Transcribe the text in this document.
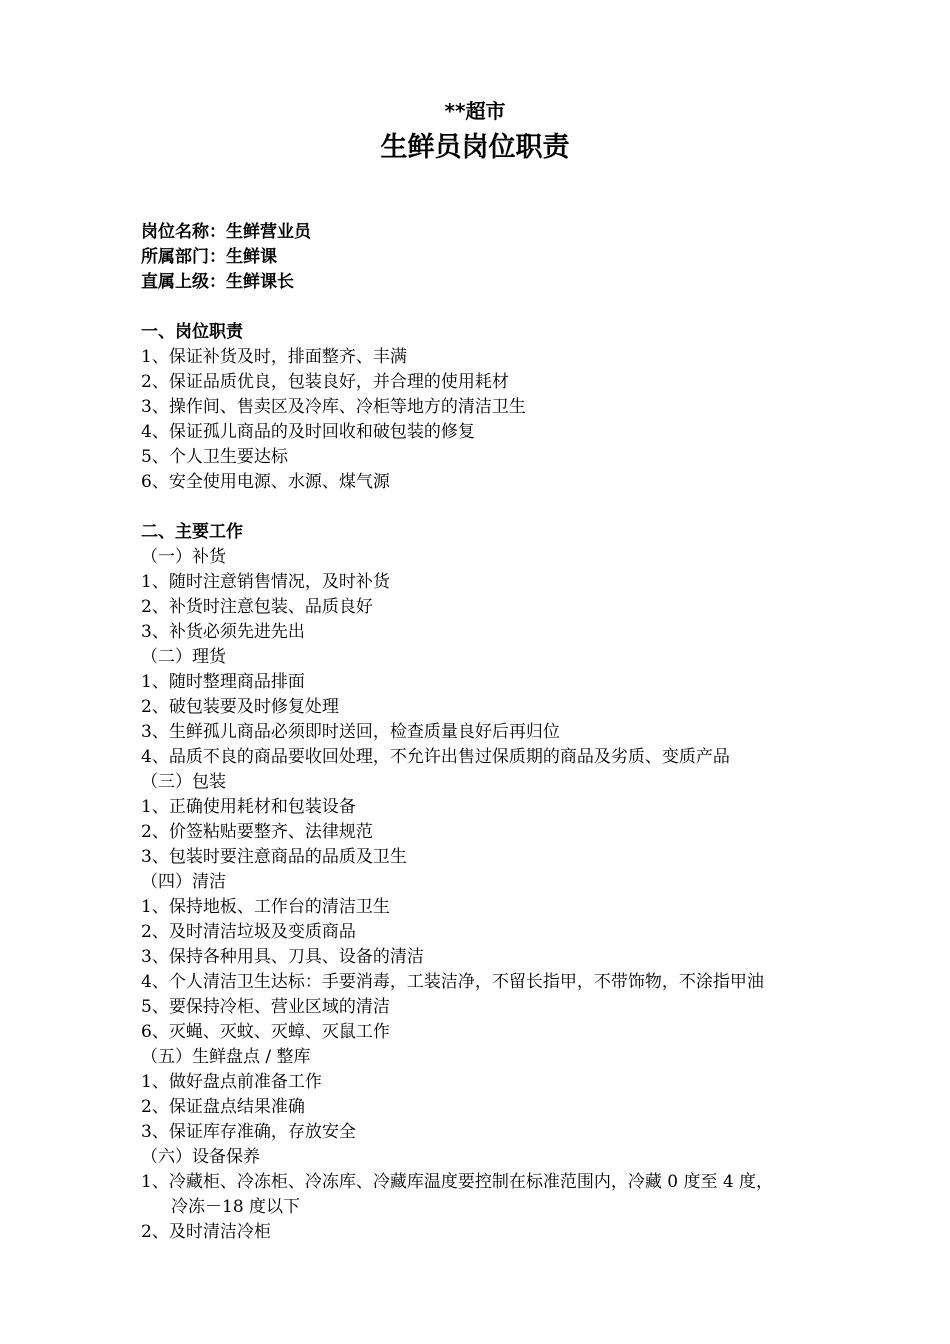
**超市
生鲜员岗位职责
岗位名称：生鲜营业员
所属部门：生鲜课
直属上级：生鲜课长
一、岗位职责
1、保证补货及时，排面整齐、丰满
2、保证品质优良，包装良好，并合理的使用耗材
3、操作间、售卖区及冷库、冷柜等地方的清洁卫生
4、保证孤儿商品的及时回收和破包装的修复
5、个人卫生要达标
6、安全使用电源、水源、煤气源
二、主要工作
（一）补货
1、随时注意销售情况，及时补货
2、补货时注意包装、品质良好
3、补货必须先进先出
（二）理货
1、随时整理商品排面
2、破包装要及时修复处理
3、生鲜孤儿商品必须即时送回，检查质量良好后再归位
4、品质不良的商品要收回处理，不允许出售过保质期的商品及劣质、变质产品
（三）包装
1、正确使用耗材和包装设备
2、价签粘贴要整齐、法律规范
3、包装时要注意商品的品质及卫生
（四）清洁
1、保持地板、工作台的清洁卫生
2、及时清洁垃圾及变质商品
3、保持各种用具、刀具、设备的清洁
4、个人清洁卫生达标：手要消毒，工装洁净，不留长指甲，不带饰物，不涂指甲油
5、要保持冷柜、营业区域的清洁
6、灭蝇、灭蚊、灭蟑、灭鼠工作
（五）生鲜盘点 / 整库
1、做好盘点前准备工作
2、保证盘点结果准确
3、保证库存准确，存放安全
（六）设备保养
1、冷藏柜、冷冻柜、冷冻库、冷藏库温度要控制在标准范围内，冷藏 0 度至 4 度，
冷冻－18 度以下
2、及时清洁冷柜
